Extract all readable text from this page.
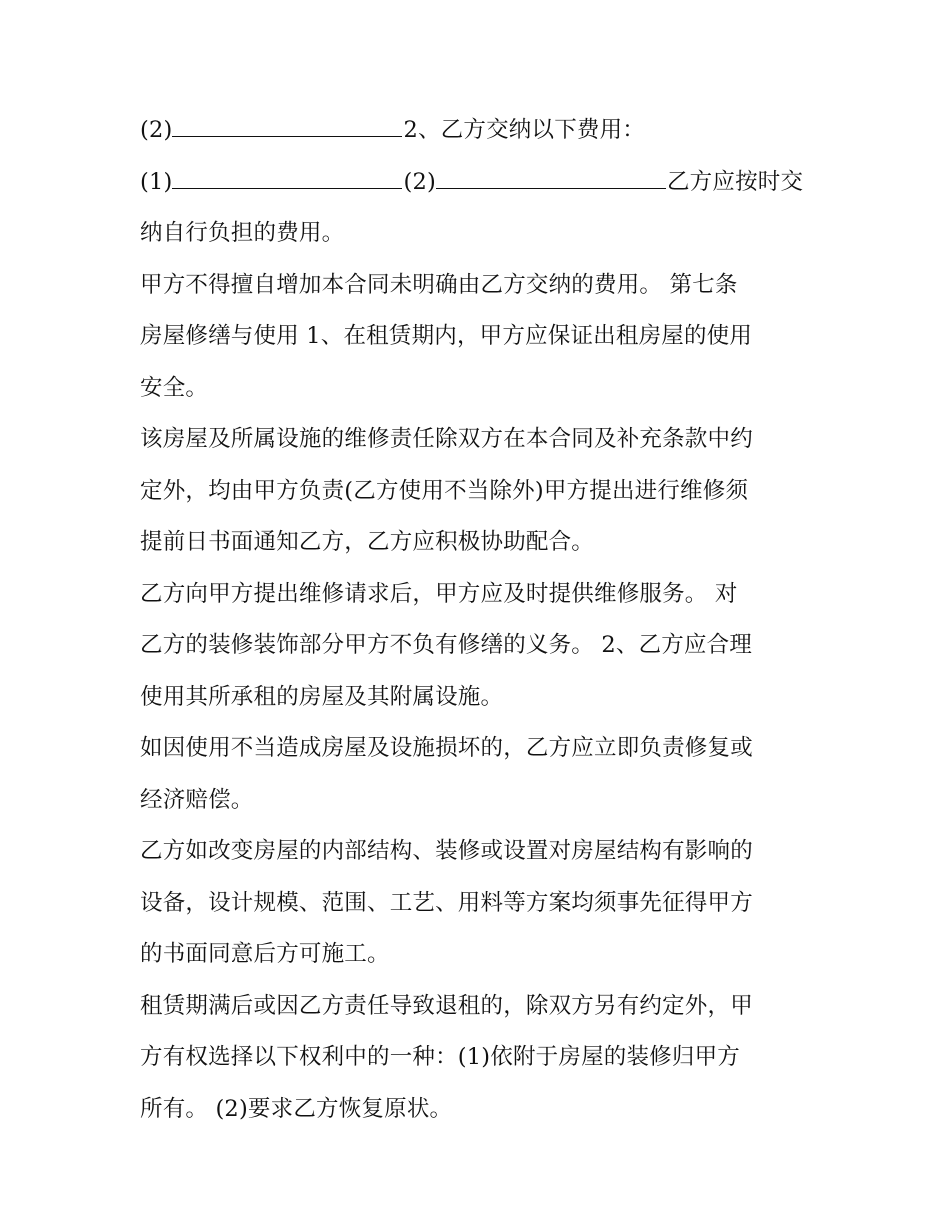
(2)	2、乙方交纳以下费用：
(1)	(2)	乙方应按时交
纳自行负担的费用。
甲方不得擅自增加本合同未明确由乙方交纳的费用。 第七条
房屋修缮与使用 1、在租赁期内，甲方应保证出租房屋的使用
安全。
该房屋及所属设施的维修责任除双方在本合同及补充条款中约
定外，均由甲方负责(乙方使用不当除外)甲方提出进行维修须
提前日书面通知乙方，乙方应积极协助配合。
乙方向甲方提出维修请求后，甲方应及时提供维修服务。 对
乙方的装修装饰部分甲方不负有修缮的义务。 2、乙方应合理
使用其所承租的房屋及其附属设施。
如因使用不当造成房屋及设施损坏的，乙方应立即负责修复或
经济赔偿。
乙方如改变房屋的内部结构、装修或设置对房屋结构有影响的
设备，设计规模、范围、工艺、用料等方案均须事先征得甲方
的书面同意后方可施工。
租赁期满后或因乙方责任导致退租的，除双方另有约定外，甲
方有权选择以下权利中的一种：(1)依附于房屋的装修归甲方
所有。 (2)要求乙方恢复原状。
